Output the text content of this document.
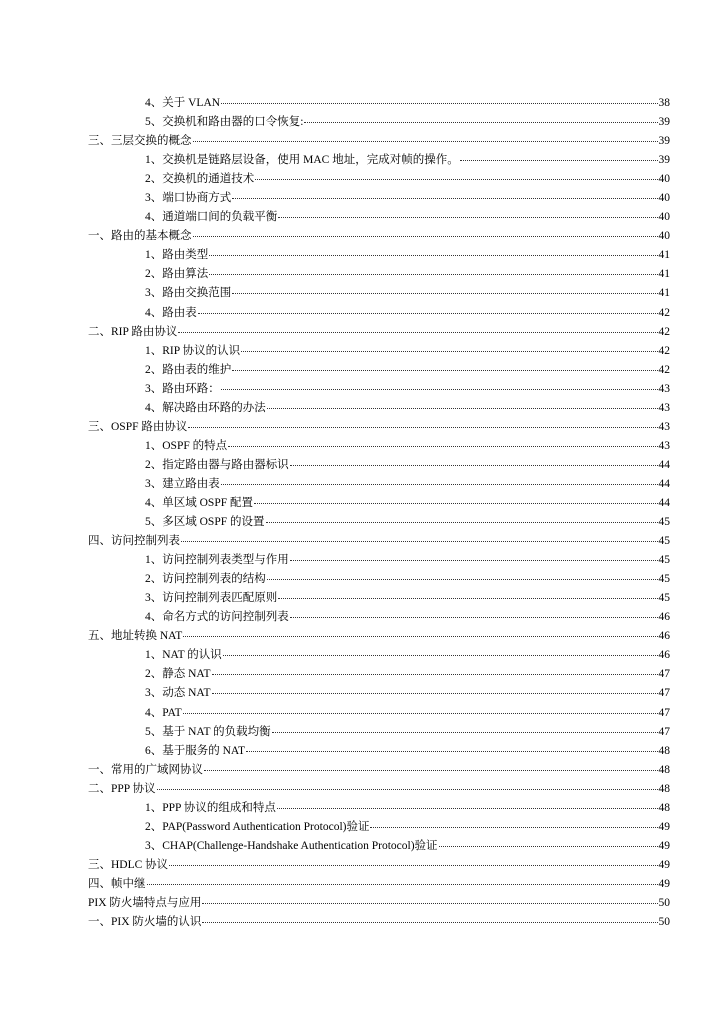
4、关于 VLAN	38
5、交换机和路由器的口令恢复:	39
三、三层交换的概念	39
1、交换机是链路层设备，使用 MAC 地址，完成对帧的操作。	39
2、交换机的通道技术	40
3、端口协商方式	40
4、通道端口间的负载平衡	40
一、路由的基本概念	40
1、路由类型	41
2、路由算法	41
3、路由交换范围	41
4、路由表	42
二、RIP 路由协议	42
1、RIP 协议的认识	42
2、路由表的维护	42
3、路由环路：	43
4、解决路由环路的办法	43
三、OSPF 路由协议	43
1、OSPF 的特点	43
2、指定路由器与路由器标识	44
3、建立路由表	44
4、单区域 OSPF 配置	44
5、多区域 OSPF 的设置	45
四、访问控制列表	45
1、访问控制列表类型与作用	45
2、访问控制列表的结构	45
3、访问控制列表匹配原则	45
4、命名方式的访问控制列表	46
五、地址转换 NAT	46
1、NAT 的认识	46
2、静态 NAT	47
3、动态 NAT	47
4、PAT	47
5、基于 NAT 的负载均衡	47
6、基于服务的 NAT	48
一、常用的广域网协议	48
二、PPP 协议	48
1、PPP 协议的组成和特点	48
2、PAP(Password Authentication Protocol)验证	49
3、CHAP(Challenge-Handshake Authentication Protocol)验证	49
三、HDLC 协议	49
四、帧中继	49
PIX 防火墙特点与应用	50
一、PIX 防火墙的认识	50
